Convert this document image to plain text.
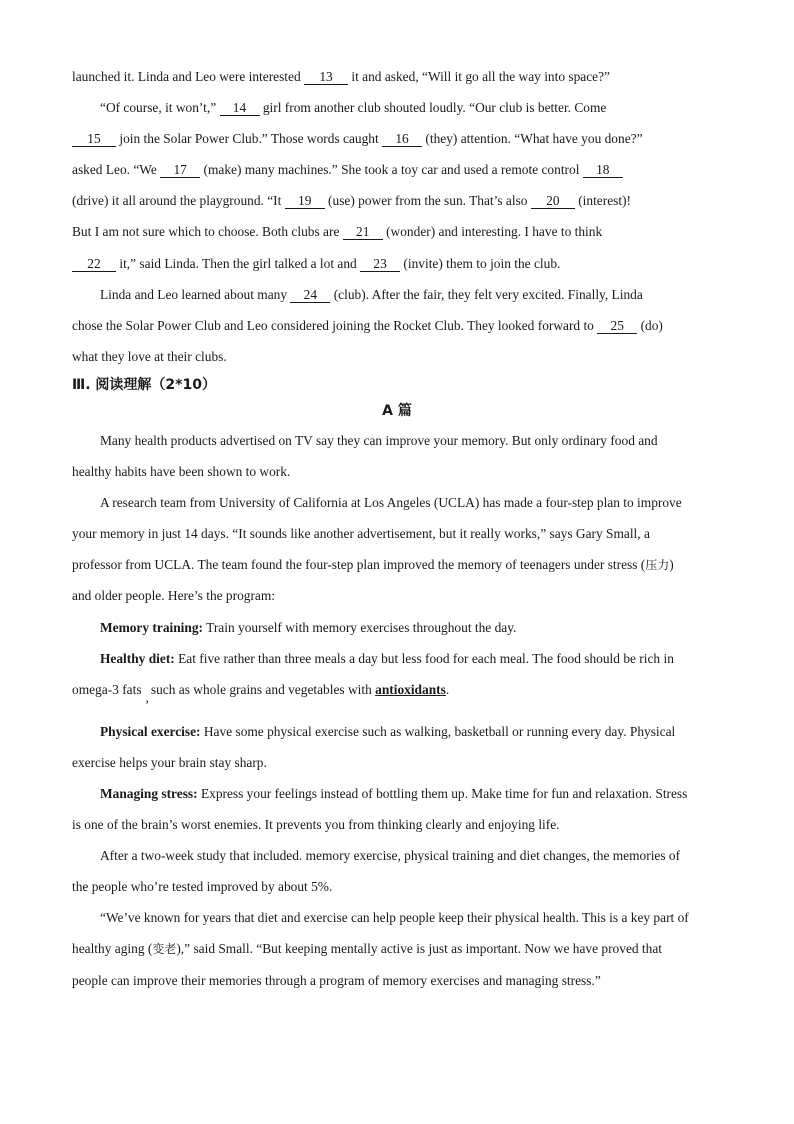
launched it. Linda and Leo were interested 13 it and asked, “Will it go all the way into space?”
“Of course, it won’t,” 14 girl from another club shouted loudly. “Our club is better. Come
15 join the Solar Power Club.” Those words caught 16 (they) attention. “What have you done?”
asked Leo. “We 17 (make) many machines.” She took a toy car and used a remote control 18
(drive) it all around the playground. “It 19 (use) power from the sun. That’s also 20 (interest)!
But I am not sure which to choose. Both clubs are 21 (wonder) and interesting. I have to think
22 it,” said Linda. Then the girl talked a lot and 23 (invite) them to join the club.
Linda and Leo learned about many 24 (club). After the fair, they felt very excited. Finally, Linda
chose the Solar Power Club and Leo considered joining the Rocket Club. They looked forward to 25 (do)
what they love at their clubs.
Ⅲ. 阅读理解（2*10）
A 篇
Many health products advertised on TV say they can improve your memory. But only ordinary food and
healthy habits have been shown to work.
A research team from University of California at Los Angeles (UCLA) has made a four-step plan to improve
your memory in just 14 days. “It sounds like another advertisement, but it really works,” says Gary Small, a
professor from UCLA. The team found the four-step plan improved the memory of teenagers under stress (压力)
and older people. Here’s the program:
Memory training: Train yourself with memory exercises throughout the day.
Healthy diet: Eat five rather than three meals a day but less food for each meal. The food should be rich in
omega-3 fats,such as whole grains and vegetables with antioxidants.
Physical exercise: Have some physical exercise such as walking, basketball or running every day. Physical
exercise helps your brain stay sharp.
Managing stress: Express your feelings instead of bottling them up. Make time for fun and relaxation. Stress
is one of the brain’s worst enemies. It prevents you from thinking clearly and enjoying life.
After a two-week study that included. memory exercise, physical training and diet changes, the memories of
the people who’re tested improved by about 5%.
“We’ve known for years that diet and exercise can help people keep their physical health. This is a key part of
healthy aging (变老),” said Small. “But keeping mentally active is just as important. Now we have proved that
people can improve their memories through a program of memory exercises and managing stress.”
